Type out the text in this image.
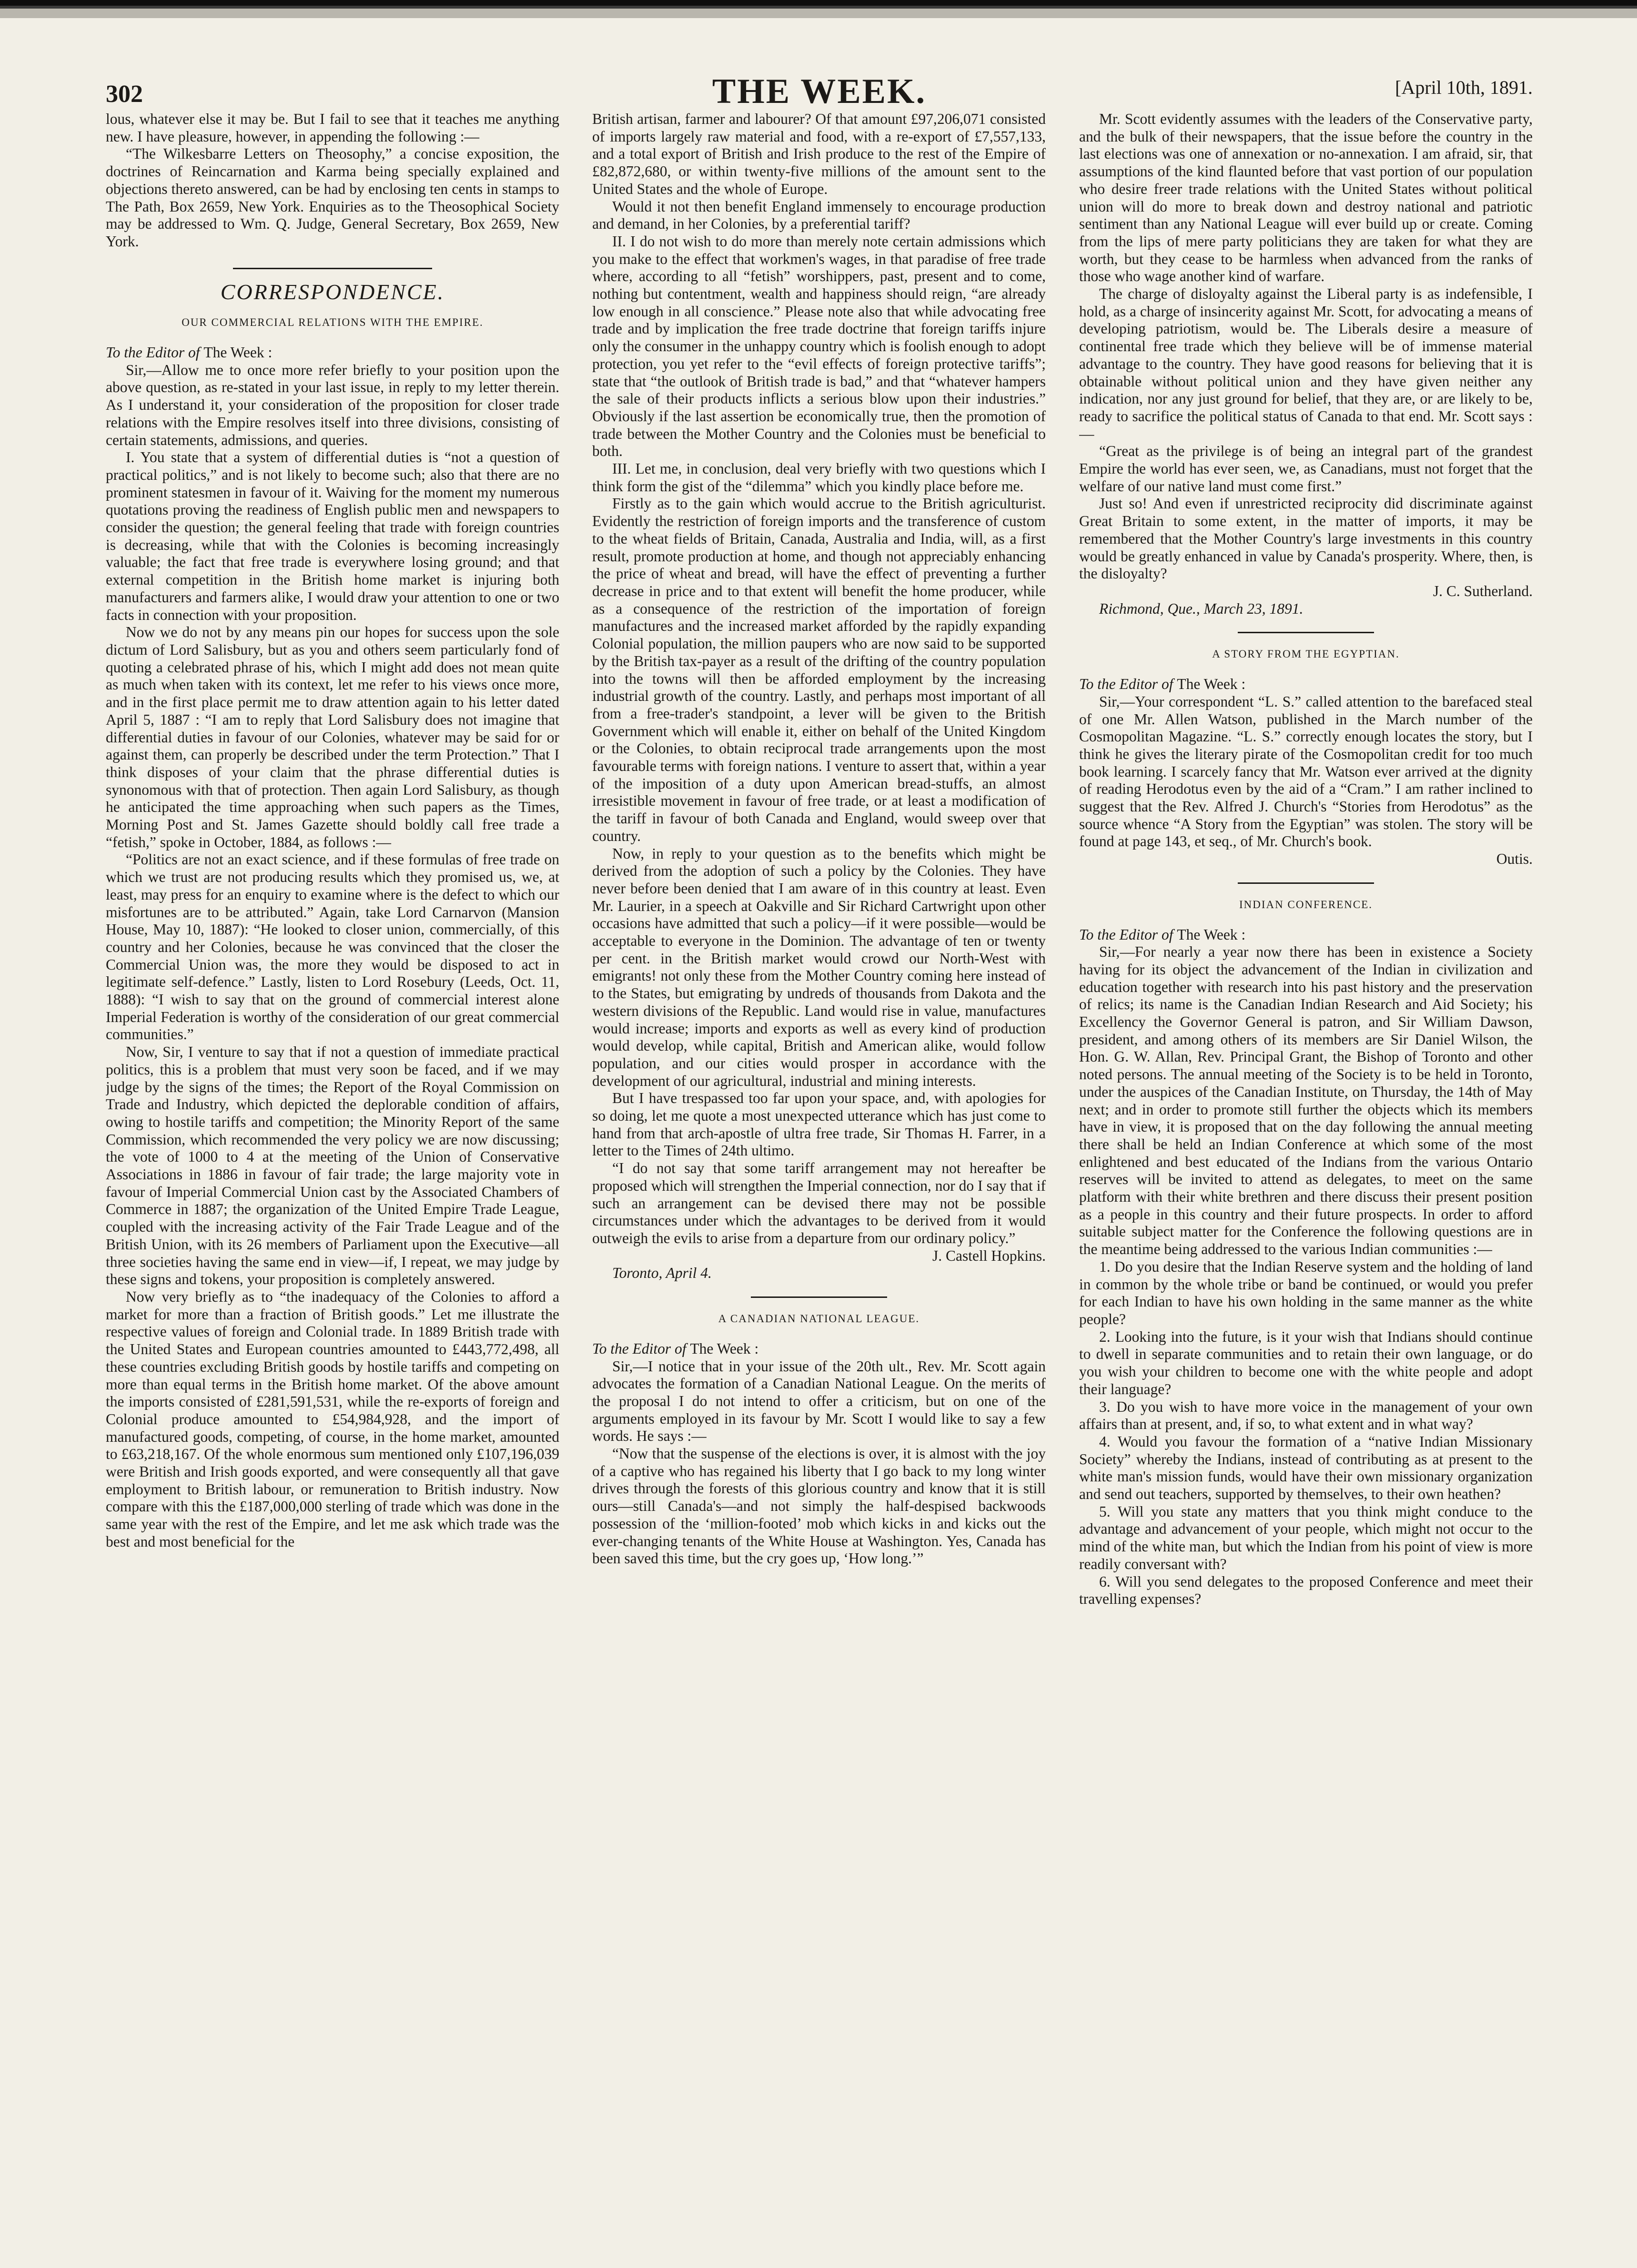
302	THE WEEK.	[April 10th, 1891.

lous, whatever else it may be. But I fail to see that it teaches me anything new. I have pleasure, however, in appending the following :—

“The Wilkesbarre Letters on Theosophy,” a concise exposition, the doctrines of Reincarnation and Karma being specially explained and objections thereto answered, can be had by enclosing ten cents in stamps to The Path, Box 2659, New York. Enquiries as to the Theosophical Society may be addressed to Wm. Q. Judge, General Secretary, Box 2659, New York.

CORRESPONDENCE.
OUR COMMERCIAL RELATIONS WITH THE EMPIRE.

To the Editor of The Week :

Sir,—Allow me to once more refer briefly to your position upon the above question, as re-stated in your last issue, in reply to my letter therein. As I understand it, your consideration of the proposition for closer trade relations with the Empire resolves itself into three divisions, consisting of certain statements, admissions, and queries.

I. You state that a system of differential duties is “not a question of practical politics,” and is not likely to become such; also that there are no prominent statesmen in favour of it. Waiving for the moment my numerous quotations proving the readiness of English public men and newspapers to consider the question; the general feeling that trade with foreign countries is decreasing, while that with the Colonies is becoming increasingly valuable; the fact that free trade is everywhere losing ground; and that external competition in the British home market is injuring both manufacturers and farmers alike, I would draw your attention to one or two facts in connection with your proposition.

Now we do not by any means pin our hopes for success upon the sole dictum of Lord Salisbury, but as you and others seem particularly fond of quoting a celebrated phrase of his, which I might add does not mean quite as much when taken with its context, let me refer to his views once more, and in the first place permit me to draw attention again to his letter dated April 5, 1887 : “I am to reply that Lord Salisbury does not imagine that differential duties in favour of our Colonies, whatever may be said for or against them, can properly be described under the term Protection.” That I think disposes of your claim that the phrase differential duties is synonomous with that of protection. Then again Lord Salisbury, as though he anticipated the time approaching when such papers as the Times, Morning Post and St. James Gazette should boldly call free trade a “fetish,” spoke in October, 1884, as follows :—

“Politics are not an exact science, and if these formulas of free trade on which we trust are not producing results which they promised us, we, at least, may press for an enquiry to examine where is the defect to which our misfortunes are to be attributed.” Again, take Lord Carnarvon (Mansion House, May 10, 1887): “He looked to closer union, commercially, of this country and her Colonies, because he was convinced that the closer the Commercial Union was, the more they would be disposed to act in legitimate self-defence.” Lastly, listen to Lord Rosebury (Leeds, Oct. 11, 1888): “I wish to say that on the ground of commercial interest alone Imperial Federation is worthy of the consideration of our great commercial communities.”

Now, Sir, I venture to say that if not a question of immediate practical politics, this is a problem that must very soon be faced, and if we may judge by the signs of the times; the Report of the Royal Commission on Trade and Industry, which depicted the deplorable condition of affairs, owing to hostile tariffs and competition; the Minority Report of the same Commission, which recommended the very policy we are now discussing; the vote of 1000 to 4 at the meeting of the Union of Conservative Associations in 1886 in favour of fair trade; the large majority vote in favour of Imperial Commercial Union cast by the Associated Chambers of Commerce in 1887; the organization of the United Empire Trade League, coupled with the increasing activity of the Fair Trade League and of the British Union, with its 26 members of Parliament upon the Executive—all three societies having the same end in view—if, I repeat, we may judge by these signs and tokens, your proposition is completely answered.

Now very briefly as to “the inadequacy of the Colonies to afford a market for more than a fraction of British goods.” Let me illustrate the respective values of foreign and Colonial trade. In 1889 British trade with the United States and European countries amounted to £443,772,498, all these countries excluding British goods by hostile tariffs and competing on more than equal terms in the British home market. Of the above amount the imports consisted of £281,591,531, while the re-exports of foreign and Colonial produce amounted to £54,984,928, and the import of manufactured goods, competing, of course, in the home market, amounted to £63,218,167. Of the whole enormous sum mentioned only £107,196,039 were British and Irish goods exported, and were consequently all that gave employment to British labour, or remuneration to British industry. Now compare with this the £187,000,000 sterling of trade which was done in the same year with the rest of the Empire, and let me ask which trade was the best and most beneficial for the

British artisan, farmer and labourer? Of that amount £97,206,071 consisted of imports largely raw material and food, with a re-export of £7,557,133, and a total export of British and Irish produce to the rest of the Empire of £82,872,680, or within twenty-five millions of the amount sent to the United States and the whole of Europe.

Would it not then benefit England immensely to encourage production and demand, in her Colonies, by a preferential tariff?

II. I do not wish to do more than merely note certain admissions which you make to the effect that workmen's wages, in that paradise of free trade where, according to all “fetish” worshippers, past, present and to come, nothing but contentment, wealth and happiness should reign, “are already low enough in all conscience.” Please note also that while advocating free trade and by implication the free trade doctrine that foreign tariffs injure only the consumer in the unhappy country which is foolish enough to adopt protection, you yet refer to the “evil effects of foreign protective tariffs”; state that “the outlook of British trade is bad,” and that “whatever hampers the sale of their products inflicts a serious blow upon their industries.” Obviously if the last assertion be economically true, then the promotion of trade between the Mother Country and the Colonies must be beneficial to both.

III. Let me, in conclusion, deal very briefly with two questions which I think form the gist of the “dilemma” which you kindly place before me.

Firstly as to the gain which would accrue to the British agriculturist. Evidently the restriction of foreign imports and the transference of custom to the wheat fields of Britain, Canada, Australia and India, will, as a first result, promote production at home, and though not appreciably enhancing the price of wheat and bread, will have the effect of preventing a further decrease in price and to that extent will benefit the home producer, while as a consequence of the restriction of the importation of foreign manufactures and the increased market afforded by the rapidly expanding Colonial population, the million paupers who are now said to be supported by the British tax-payer as a result of the drifting of the country population into the towns will then be afforded employment by the increasing industrial growth of the country. Lastly, and perhaps most important of all from a free-trader's standpoint, a lever will be given to the British Government which will enable it, either on behalf of the United Kingdom or the Colonies, to obtain reciprocal trade arrangements upon the most favourable terms with foreign nations. I venture to assert that, within a year of the imposition of a duty upon American bread-stuffs, an almost irresistible movement in favour of free trade, or at least a modification of the tariff in favour of both Canada and England, would sweep over that country.

Now, in reply to your question as to the benefits which might be derived from the adoption of such a policy by the Colonies. They have never before been denied that I am aware of in this country at least. Even Mr. Laurier, in a speech at Oakville and Sir Richard Cartwright upon other occasions have admitted that such a policy—if it were possible—would be acceptable to everyone in the Dominion. The advantage of ten or twenty per cent. in the British market would crowd our North-West with emigrants! not only these from the Mother Country coming here instead of to the States, but emigrating by undreds of thousands from Dakota and the western divisions of the Republic. Land would rise in value, manufactures would increase; imports and exports as well as every kind of production would develop, while capital, British and American alike, would follow population, and our cities would prosper in accordance with the development of our agricultural, industrial and mining interests.

But I have trespassed too far upon your space, and, with apologies for so doing, let me quote a most unexpected utterance which has just come to hand from that arch-apostle of ultra free trade, Sir Thomas H. Farrer, in a letter to the Times of 24th ultimo.

“I do not say that some tariff arrangement may not hereafter be proposed which will strengthen the Imperial connection, nor do I say that if such an arrangement can be devised there may not be possible circumstances under which the advantages to be derived from it would outweigh the evils to arise from a departure from our ordinary policy.”

J. Castell Hopkins.

Toronto, April 4.

A CANADIAN NATIONAL LEAGUE.

To the Editor of The Week :

Sir,—I notice that in your issue of the 20th ult., Rev. Mr. Scott again advocates the formation of a Canadian National League. On the merits of the proposal I do not intend to offer a criticism, but on one of the arguments employed in its favour by Mr. Scott I would like to say a few words. He says :—

“Now that the suspense of the elections is over, it is almost with the joy of a captive who has regained his liberty that I go back to my long winter drives through the forests of this glorious country and know that it is still ours—still Canada's—and not simply the half-despised backwoods possession of the ‘million-footed’ mob which kicks in and kicks out the ever-changing tenants of the White House at Washington. Yes, Canada has been saved this time, but the cry goes up, ‘How long.’”

Mr. Scott evidently assumes with the leaders of the Conservative party, and the bulk of their newspapers, that the issue before the country in the last elections was one of annexation or no-annexation. I am afraid, sir, that assumptions of the kind flaunted before that vast portion of our population who desire freer trade relations with the United States without political union will do more to break down and destroy national and patriotic sentiment than any National League will ever build up or create. Coming from the lips of mere party politicians they are taken for what they are worth, but they cease to be harmless when advanced from the ranks of those who wage another kind of warfare.

The charge of disloyalty against the Liberal party is as indefensible, I hold, as a charge of insincerity against Mr. Scott, for advocating a means of developing patriotism, would be. The Liberals desire a measure of continental free trade which they believe will be of immense material advantage to the country. They have good reasons for believing that it is obtainable without political union and they have given neither any indication, nor any just ground for belief, that they are, or are likely to be, ready to sacrifice the political status of Canada to that end. Mr. Scott says :—

“Great as the privilege is of being an integral part of the grandest Empire the world has ever seen, we, as Canadians, must not forget that the welfare of our native land must come first.”

Just so! And even if unrestricted reciprocity did discriminate against Great Britain to some extent, in the matter of imports, it may be remembered that the Mother Country's large investments in this country would be greatly enhanced in value by Canada's prosperity. Where, then, is the disloyalty?

J. C. Sutherland.

Richmond, Que., March 23, 1891.

A STORY FROM THE EGYPTIAN.

To the Editor of The Week :

Sir,—Your correspondent “L. S.” called attention to the barefaced steal of one Mr. Allen Watson, published in the March number of the Cosmopolitan Magazine. “L. S.” correctly enough locates the story, but I think he gives the literary pirate of the Cosmopolitan credit for too much book learning. I scarcely fancy that Mr. Watson ever arrived at the dignity of reading Herodotus even by the aid of a “Cram.” I am rather inclined to suggest that the Rev. Alfred J. Church's “Stories from Herodotus” as the source whence “A Story from the Egyptian” was stolen. The story will be found at page 143, et seq., of Mr. Church's book.

Outis.

INDIAN CONFERENCE.

To the Editor of The Week :

Sir,—For nearly a year now there has been in existence a Society having for its object the advancement of the Indian in civilization and education together with research into his past history and the preservation of relics; its name is the Canadian Indian Research and Aid Society; his Excellency the Governor General is patron, and Sir William Dawson, president, and among others of its members are Sir Daniel Wilson, the Hon. G. W. Allan, Rev. Principal Grant, the Bishop of Toronto and other noted persons. The annual meeting of the Society is to be held in Toronto, under the auspices of the Canadian Institute, on Thursday, the 14th of May next; and in order to promote still further the objects which its members have in view, it is proposed that on the day following the annual meeting there shall be held an Indian Conference at which some of the most enlightened and best educated of the Indians from the various Ontario reserves will be invited to attend as delegates, to meet on the same platform with their white brethren and there discuss their present position as a people in this country and their future prospects. In order to afford suitable subject matter for the Conference the following questions are in the meantime being addressed to the various Indian communities :—

1. Do you desire that the Indian Reserve system and the holding of land in common by the whole tribe or band be continued, or would you prefer for each Indian to have his own holding in the same manner as the white people?

2. Looking into the future, is it your wish that Indians should continue to dwell in separate communities and to retain their own language, or do you wish your children to become one with the white people and adopt their language?

3. Do you wish to have more voice in the management of your own affairs than at present, and, if so, to what extent and in what way?

4. Would you favour the formation of a “native Indian Missionary Society” whereby the Indians, instead of contributing as at present to the white man's mission funds, would have their own missionary organization and send out teachers, supported by themselves, to their own heathen?

5. Will you state any matters that you think might conduce to the advantage and advancement of your people, which might not occur to the mind of the white man, but which the Indian from his point of view is more readily conversant with?

6. Will you send delegates to the proposed Conference and meet their travelling expenses?
